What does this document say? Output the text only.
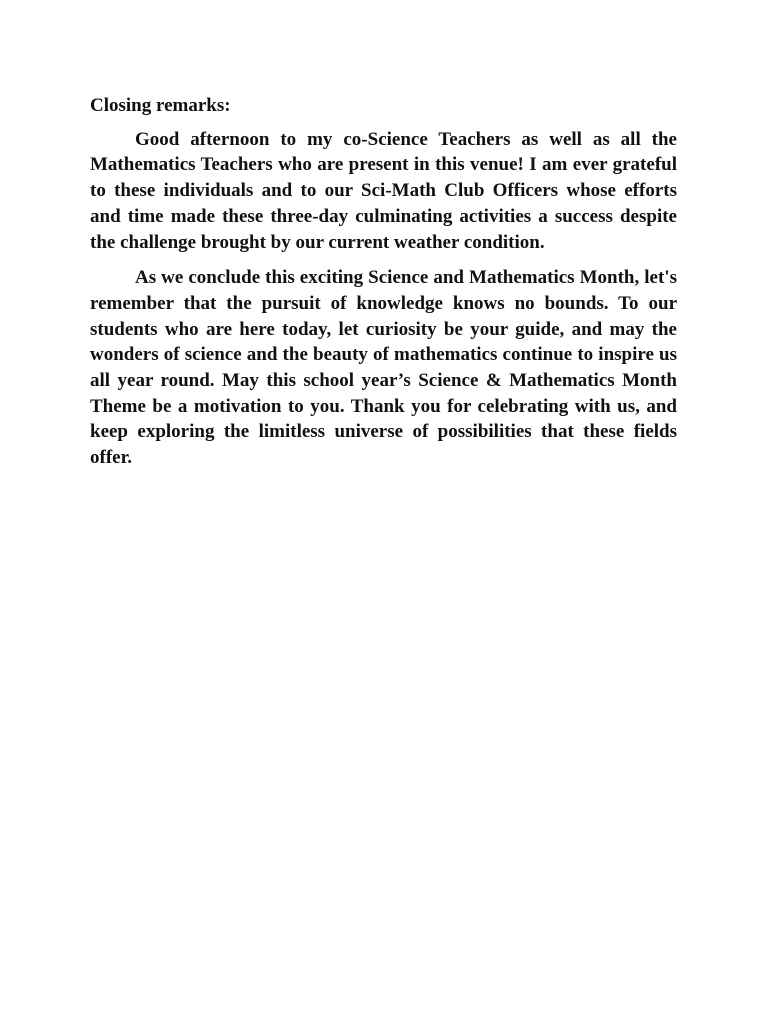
Closing remarks:

Good afternoon to my co-Science Teachers as well as all the Mathematics Teachers who are present in this venue! I am ever grateful to these individuals and to our Sci-Math Club Officers whose efforts and time made these three-day culminating activities a success despite the challenge brought by our current weather condition.

As we conclude this exciting Science and Mathematics Month, let's remember that the pursuit of knowledge knows no bounds. To our students who are here today, let curiosity be your guide, and may the wonders of science and the beauty of mathematics continue to inspire us all year round. May this school year’s Science & Mathematics Month Theme be a motivation to you. Thank you for celebrating with us, and keep exploring the limitless universe of possibilities that these fields offer.
